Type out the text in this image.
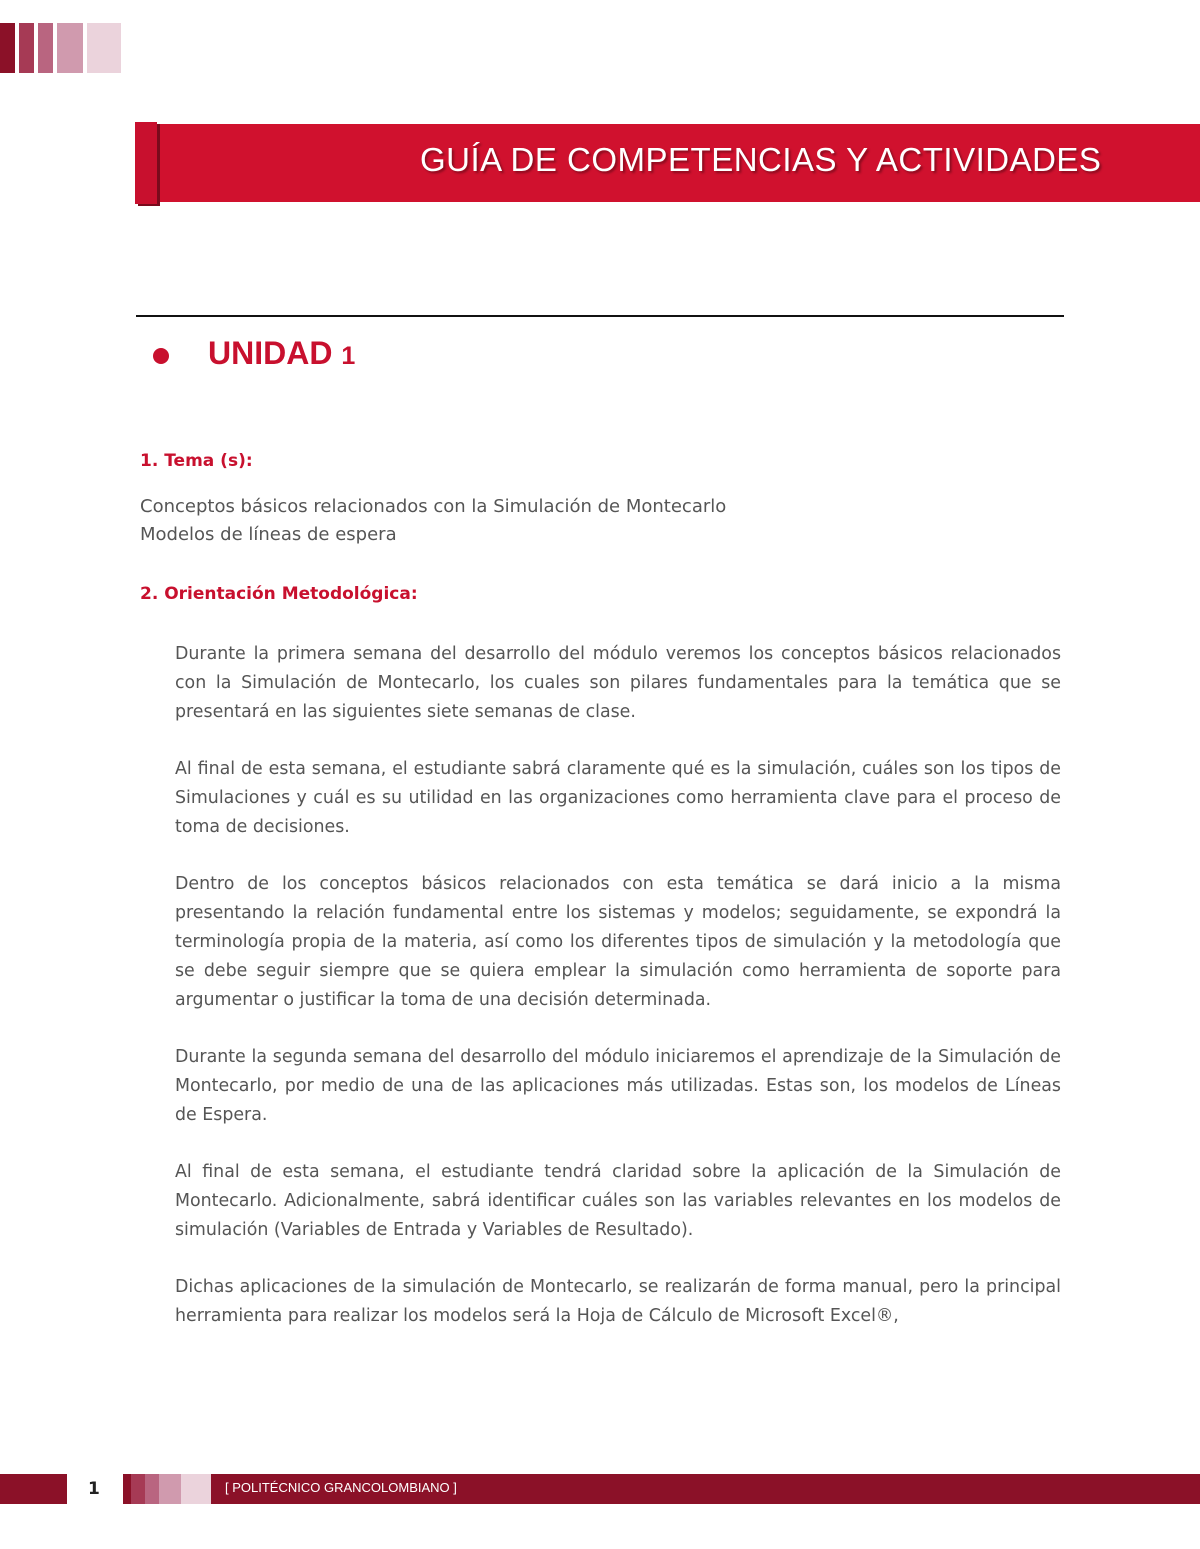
GUÍA DE COMPETENCIAS Y ACTIVIDADES
UNIDAD 1
1. Tema (s):
Conceptos básicos relacionados con la Simulación de Montecarlo
Modelos de líneas de espera
2. Orientación Metodológica:

Durante la primera semana del desarrollo del módulo veremos los conceptos básicos relacionados con la Simulación de Montecarlo, los cuales son pilares fundamentales para la temática que se presentará en las siguientes siete semanas de clase.

Al final de esta semana, el estudiante sabrá claramente qué es la simulación, cuáles son los tipos de Simulaciones y cuál es su utilidad en las organizaciones como herramienta clave para el proceso de toma de decisiones.

Dentro de los conceptos básicos relacionados con esta temática se dará inicio a la misma presentando la relación fundamental entre los sistemas y modelos; seguidamente, se expondrá la terminología propia de la materia, así como los diferentes tipos de simulación y la metodología que se debe seguir siempre que se quiera emplear la simulación como herramienta de soporte para argumentar o justificar la toma de una decisión determinada.

Durante la segunda semana del desarrollo del módulo iniciaremos el aprendizaje de la Simulación de Montecarlo, por medio de una de las aplicaciones más utilizadas. Estas son, los modelos de Líneas de Espera.

Al final de esta semana, el estudiante tendrá claridad sobre la aplicación de la Simulación de Montecarlo. Adicionalmente, sabrá identificar cuáles son las variables relevantes en los modelos de simulación (Variables de Entrada y Variables de Resultado).

Dichas aplicaciones de la simulación de Montecarlo, se realizarán de forma manual, pero la principal herramienta para realizar los modelos será la Hoja de Cálculo de Microsoft Excel®,

1	[ POLITÉCNICO GRANCOLOMBIANO ]
